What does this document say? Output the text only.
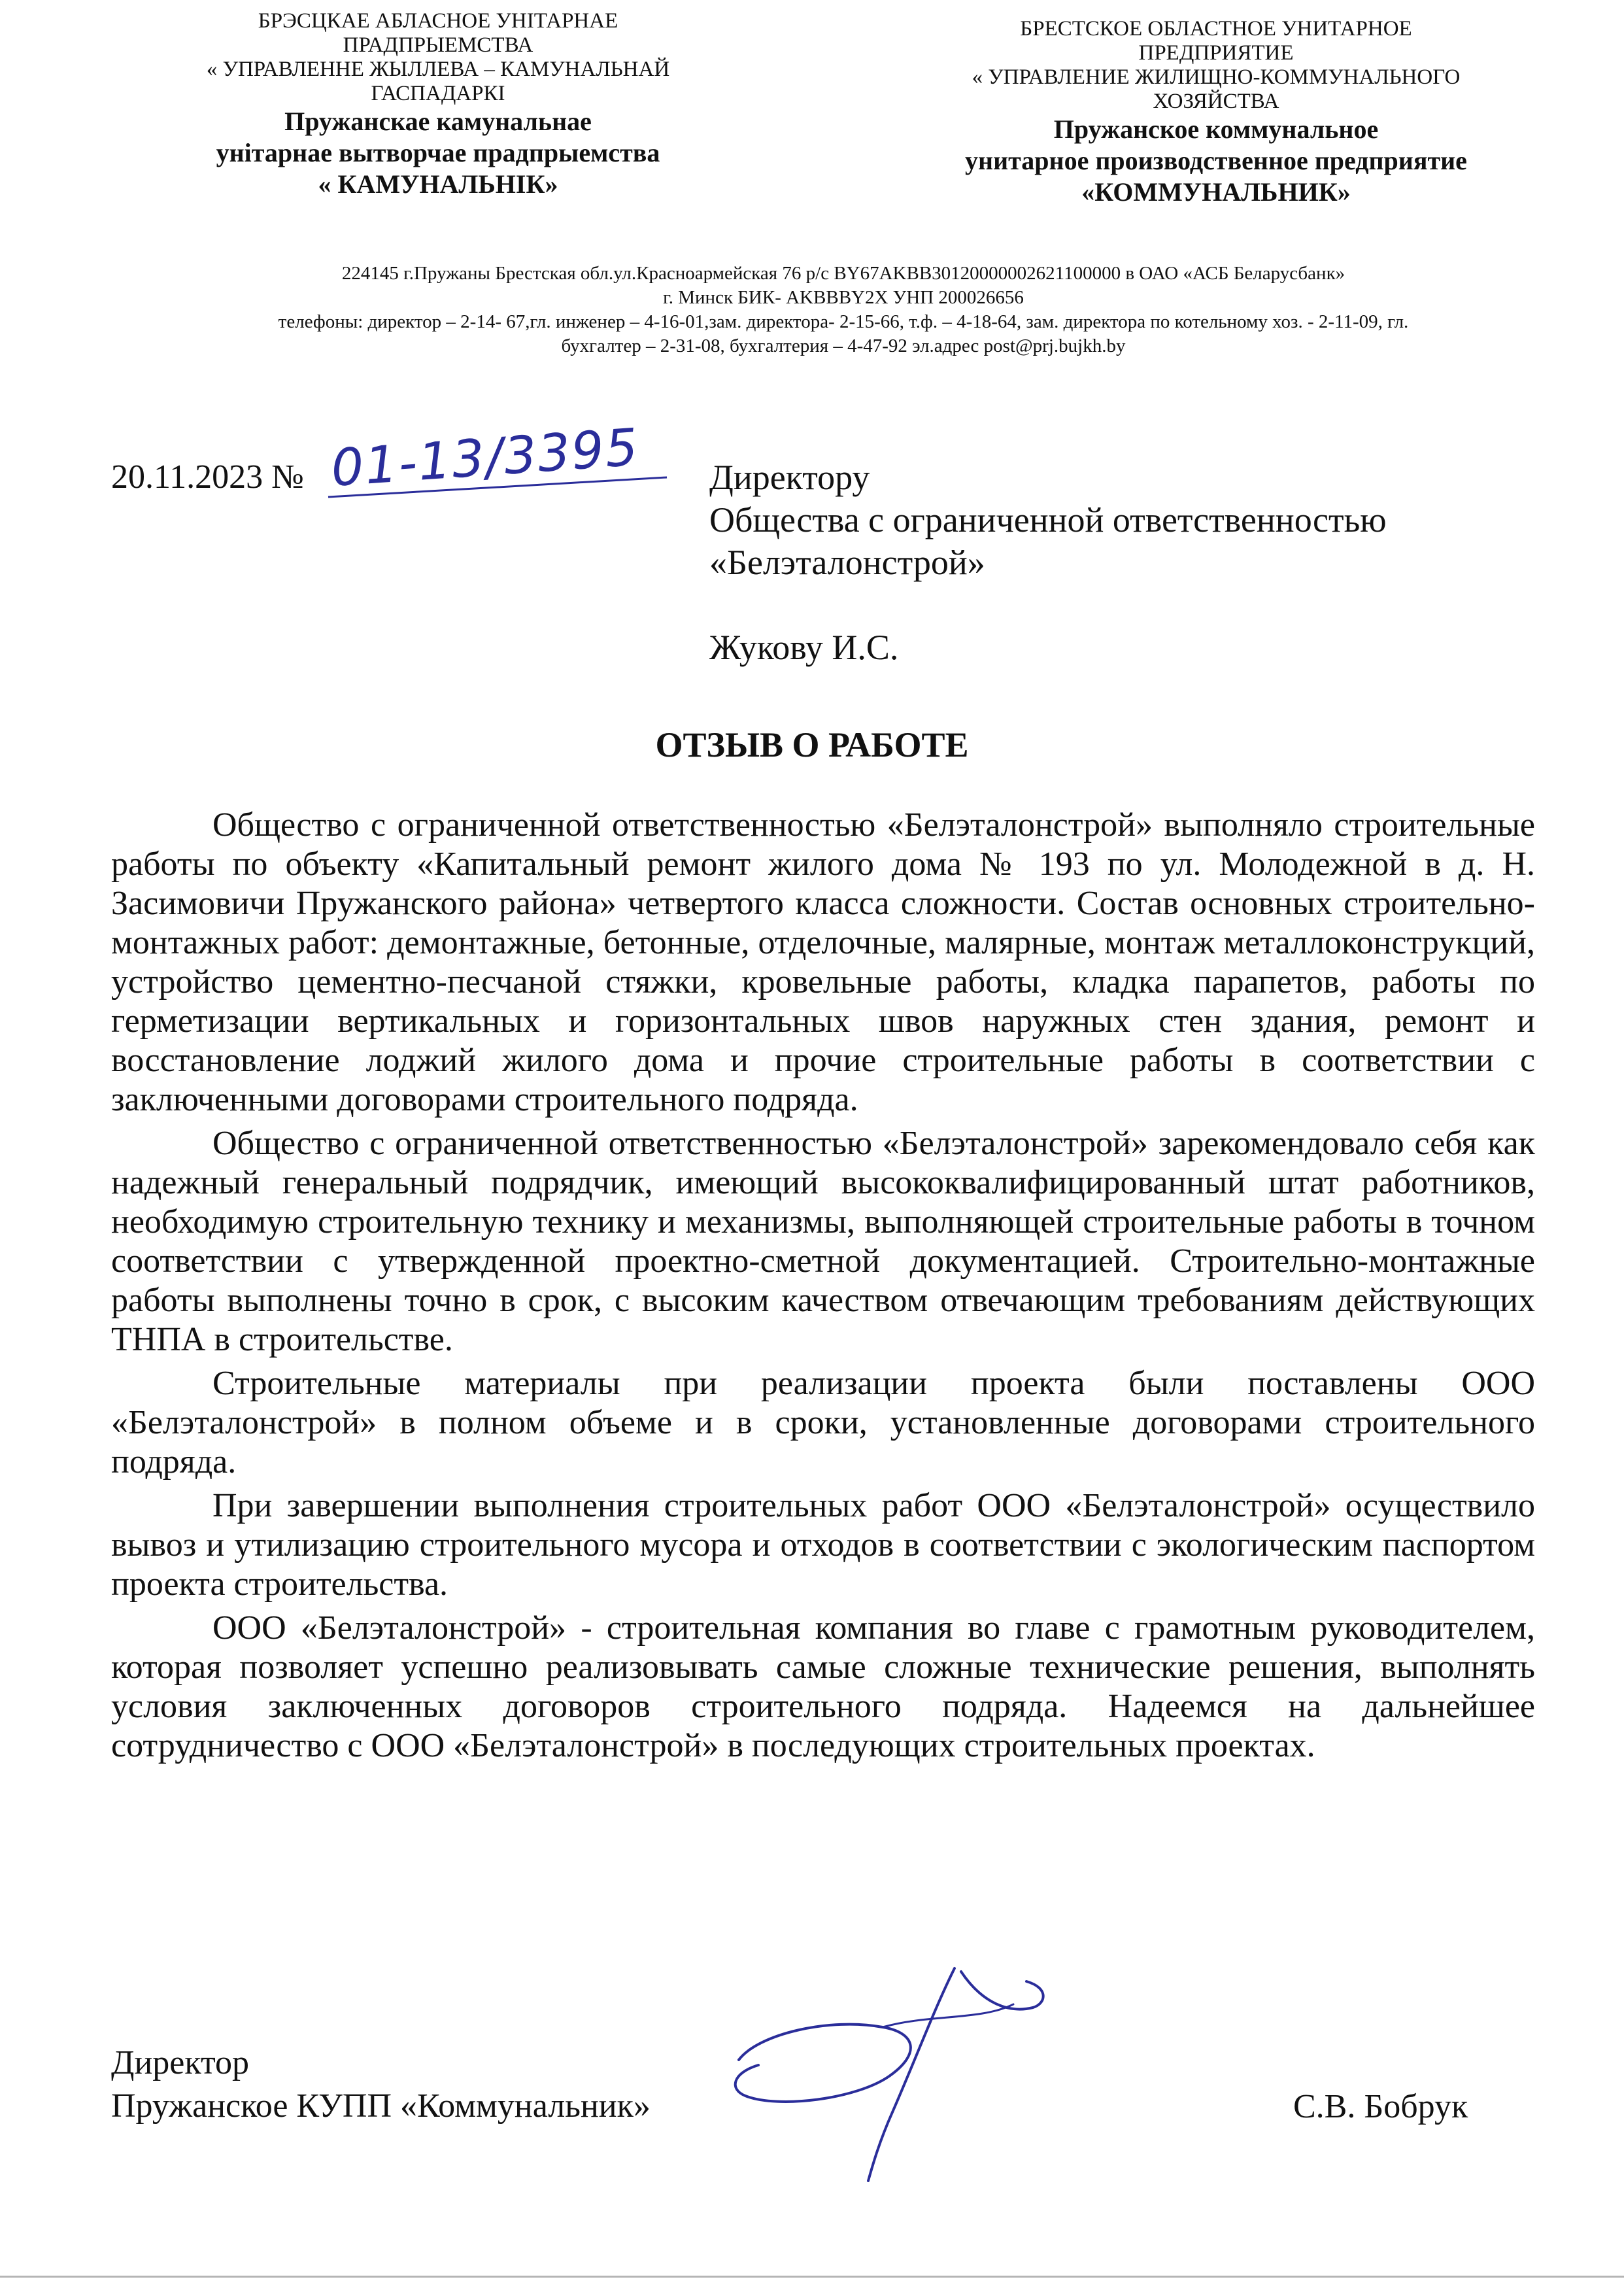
БРЭСЦКАЕ АБЛАСНОЕ УНІТАРНАЕ
ПРАДПРЫЕМСТВА
« УПРАВЛЕННЕ ЖЫЛЛЕВА – КАМУНАЛЬНАЙ
ГАСПАДАРКІ
Пружанскае камунальнае
унітарнае вытворчае прадпрыемства
« КАМУНАЛЬНІК»
БРЕСТСКОЕ ОБЛАСТНОЕ УНИТАРНОЕ
ПРЕДПРИЯТИЕ
« УПРАВЛЕНИЕ ЖИЛИЩНО-КОММУНАЛЬНОГО
ХОЗЯЙСТВА
Пружанское коммунальное
унитарное производственное предприятие
«КОММУНАЛЬНИК»
224145 г.Пружаны Брестская обл.ул.Красноармейская 76 р/с BY67AKBB30120000002621100000 в ОАО «АСБ Беларусбанк»
г. Минск БИК- AKBBBY2X УНП 200026656
телефоны: директор – 2-14- 67,гл. инженер – 4-16-01,зам. директора- 2-15-66, т.ф. – 4-18-64, зам. директора по котельному хоз. - 2-11-09, гл.
бухгалтер – 2-31-08, бухгалтерия – 4-47-92 эл.адрес post@prj.bujkh.by
20.11.2023 № 01-13/3395 Директору
Общества с ограниченной ответственностью
«Белэталонстрой»
Жукову И.С.
ОТЗЫВ О РАБОТЕ

Общество с ограниченной ответственностью «Белэталонстрой» выполняло строительные работы по объекту «Капитальный ремонт жилого дома № 193 по ул. Молодежной в д. Н. Засимовичи Пружанского района» четвертого класса сложности. Состав основных строительно-монтажных работ: демонтажные, бетонные, отделочные, малярные, монтаж металлоконструкций, устройство цементно-песчаной стяжки, кровельные работы, кладка парапетов, работы по герметизации вертикальных и горизонтальных швов наружных стен здания, ремонт и восстановление лоджий жилого дома и прочие строительные работы в соответствии с заключенными договорами строительного подряда.

Общество с ограниченной ответственностью «Белэталонстрой» зарекомендовало себя как надежный генеральный подрядчик, имеющий высококвалифицированный штат работников, необходимую строительную технику и механизмы, выполняющей строительные работы в точном соответствии с утвержденной проектно-сметной документацией. Строительно-монтажные работы выполнены точно в срок, с высоким качеством отвечающим требованиям действующих ТНПА в строительстве.

Строительные материалы при реализации проекта были поставлены ООО «Белэталонстрой» в полном объеме и в сроки, установленные договорами строительного подряда.

При завершении выполнения строительных работ ООО «Белэталонстрой» осуществило вывоз и утилизацию строительного мусора и отходов в соответствии с экологическим паспортом проекта строительства.

ООО «Белэталонстрой» - строительная компания во главе с грамотным руководителем, которая позволяет успешно реализовывать самые сложные технические решения, выполнять условия заключенных договоров строительного подряда. Надеемся на дальнейшее сотрудничество с ООО «Белэталонстрой» в последующих строительных проектах.

Директор
Пружанское КУПП «Коммунальник»	С.В. Бобрук
